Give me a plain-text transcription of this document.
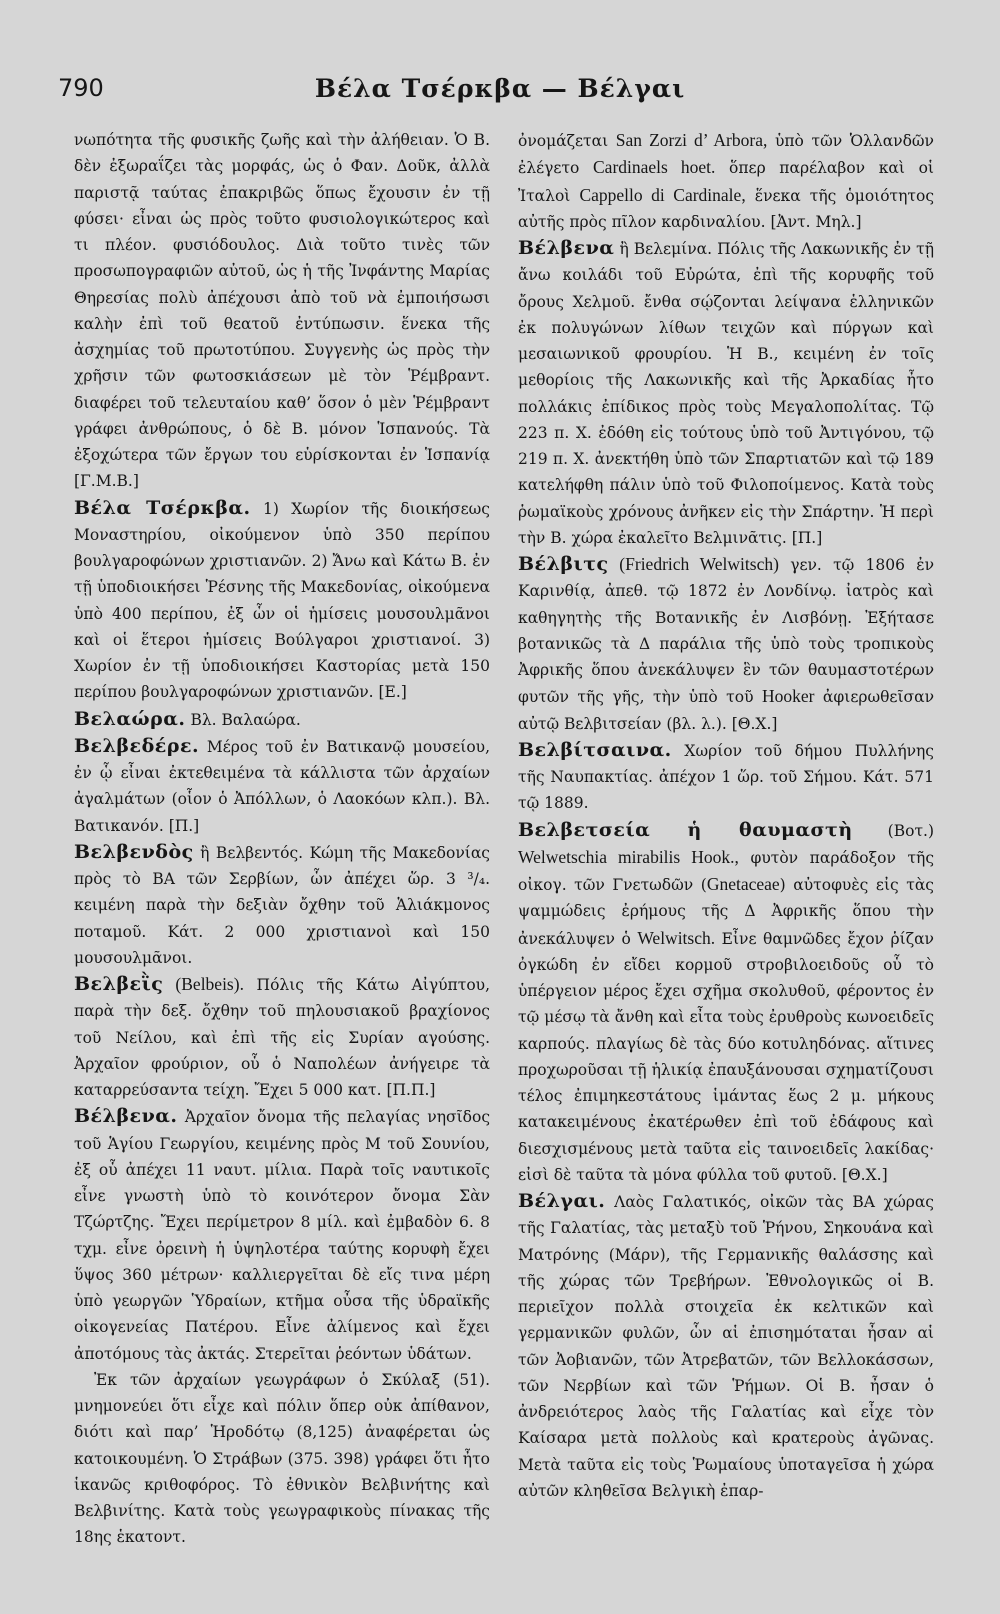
790	Βέλα Τσέρκβα — Βέλγαι

νωπότητα τῆς φυσικῆς ζωῆς καὶ τὴν ἀλήθειαν. Ὁ Β. δὲν ἐξωραΐζει τὰς μορφάς, ὡς ὁ Φαν. Δοῦκ, ἀλλὰ παριστᾷ ταύτας ἐπακριβῶς ὅπως ἔχουσιν ἐν τῇ φύσει· εἶναι ὡς πρὸς τοῦτο φυσιολογικώτερος καὶ τι πλέον. φυσιόδουλος. Διὰ τοῦτο τινὲς τῶν προσωπογραφιῶν αὐτοῦ, ὡς ἡ τῆς Ἰνφάντης Μαρίας Θηρεσίας πολὺ ἀπέχουσι ἀπὸ τοῦ νὰ ἐμποιήσωσι καλὴν ἐπὶ τοῦ θεατοῦ ἐντύπωσιν. ἕνεκα τῆς ἀσχημίας τοῦ πρωτοτύπου. Συγγενὴς ὡς πρὸς τὴν χρῆσιν τῶν φωτοσκιάσεων μὲ τὸν Ῥέμβραντ. διαφέρει τοῦ τελευταίου καθ’ ὅσον ὁ μὲν Ῥέμβραντ γράφει ἀνθρώπους, ὁ δὲ Β. μόνον Ἱσπανούς. Τὰ ἐξοχώτερα τῶν ἔργων του εὑρίσκονται ἐν Ἱσπανίᾳ [Γ.Μ.Β.]

Βέλα Τσέρκβα. 1) Χωρίον τῆς διοικήσεως Μοναστηρίου, οἰκούμενον ὑπὸ 350 περίπου βουλγαροφώνων χριστιανῶν. 2) Ἄνω καὶ Κάτω Β. ἐν τῇ ὑποδιοικήσει Ῥέσνης τῆς Μακεδονίας, οἰκούμενα ὑπὸ 400 περίπου, ἐξ ὧν οἱ ἡμίσεις μουσουλμᾶνοι καὶ οἱ ἕτεροι ἡμίσεις Βούλγαροι χριστιανοί. 3) Χωρίον ἐν τῇ ὑποδιοικήσει Καστορίας μετὰ 150 περίπου βουλγαροφώνων χριστιανῶν. [Ε.]

Βελαώρα. Βλ. Βαλαώρα.

Βελβεδέρε. Μέρος τοῦ ἐν Βατικανῷ μουσείου, ἐν ᾧ εἶναι ἐκτεθειμένα τὰ κάλλιστα τῶν ἀρχαίων ἀγαλμάτων (οἷον ὁ Ἀπόλλων, ὁ Λαοκόων κλπ.). Βλ. Βατικανόν. [Π.]

Βελβενδὸς ἢ Βελβεντός. Κώμη τῆς Μακεδονίας πρὸς τὸ ΒΑ τῶν Σερβίων, ὧν ἀπέχει ὥρ. 3 ³/₄. κειμένη παρὰ τὴν δεξιὰν ὄχθην τοῦ Ἁλιάκμονος ποταμοῦ. Κάτ. 2 000 χριστιανοὶ καὶ 150 μουσουλμᾶνοι.

Βελβεῒς (Belbeis). Πόλις τῆς Κάτω Αἰγύπτου, παρὰ τὴν δεξ. ὄχθην τοῦ πηλουσιακοῦ βραχίονος τοῦ Νείλου, καὶ ἐπὶ τῆς εἰς Συρίαν αγούσης. Ἀρχαῖον φρούριον, οὗ ὁ Ναπολέων ἀνήγειρε τὰ καταρρεύσαντα τείχη. Ἔχει 5 000 κατ. [Π.Π.]

Βέλβενα. Ἀρχαῖον ὄνομα τῆς πελαγίας νησῖδος τοῦ Ἁγίου Γεωργίου, κειμένης πρὸς Μ τοῦ Σουνίου, ἐξ οὗ ἀπέχει 11 ναυτ. μίλια. Παρὰ τοῖς ναυτικοῖς εἶνε γνωστὴ ὑπὸ τὸ κοινότερον ὄνομα Σὰν Τζώρτζης. Ἔχει περίμετρον 8 μίλ. καὶ ἐμβαδὸν 6. 8 τχμ. εἶνε ὀρεινὴ ἡ ὑψηλοτέρα ταύτης κορυφὴ ἔχει ὕψος 360 μέτρων· καλλιεργεῖται δὲ εἴς τινα μέρη ὑπὸ γεωργῶν Ὑδραίων, κτῆμα οὖσα τῆς ὑδραϊκῆς οἰκογενείας Πατέρου. Εἶνε ἀλίμενος καὶ ἔχει ἀποτόμους τὰς ἀκτάς. Στερεῖται ῥεόντων ὑδάτων.

Ἐκ τῶν ἀρχαίων γεωγράφων ὁ Σκύλαξ (51). μνημονεύει ὅτι εἶχε καὶ πόλιν ὅπερ οὐκ ἀπίθανον, διότι καὶ παρ’ Ἡροδότῳ (8,125) ἀναφέρεται ὡς κατοικουμένη. Ὁ Στράβων (375. 398) γράφει ὅτι ἦτο ἱκανῶς κριθοφόρος. Τὸ ἐθνικὸν Βελβινήτης καὶ Βελβινίτης. Κατὰ τοὺς γεωγραφικοὺς πίνακας τῆς 18ης ἑκατοντ.

ὀνομάζεται San Zorzi d’ Arbora, ὑπὸ τῶν Ὁλλανδῶν ἐλέγετο Cardinaels hoet. ὅπερ παρέλαβον καὶ οἱ Ἰταλοὶ Cappello di Cardinale, ἕνεκα τῆς ὁμοιότητος αὐτῆς πρὸς πῖλον καρδιναλίου. [Ἀντ. Μηλ.]

Βέλβενα ἢ Βελεμίνα. Πόλις τῆς Λακωνικῆς ἐν τῇ ἄνω κοιλάδι τοῦ Εὐρώτα, ἐπὶ τῆς κορυφῆς τοῦ ὄρους Χελμοῦ. ἔνθα σῴζονται λείψανα ἑλληνικῶν ἐκ πολυγώνων λίθων τειχῶν καὶ πύργων καὶ μεσαιωνικοῦ φρουρίου. Ἡ Β., κειμένη ἐν τοῖς μεθορίοις τῆς Λακωνικῆς καὶ τῆς Ἀρκαδίας ἦτο πολλάκις ἐπίδικος πρὸς τοὺς Μεγαλοπολίτας. Τῷ 223 π. Χ. ἐδόθη εἰς τούτους ὑπὸ τοῦ Ἀντιγόνου, τῷ 219 π. Χ. ἀνεκτήθη ὑπὸ τῶν Σπαρτιατῶν καὶ τῷ 189 κατελήφθη πάλιν ὑπὸ τοῦ Φιλοποίμενος. Κατὰ τοὺς ῥωμαϊκοὺς χρόνους ἀνῆκεν εἰς τὴν Σπάρτην. Ἡ περὶ τὴν Β. χώρα ἐκαλεῖτο Βελμινᾶτις. [Π.]

Βέλβιτς (Friedrich Welwitsch) γεν. τῷ 1806 ἐν Καρινθίᾳ, ἀπεθ. τῷ 1872 ἐν Λονδίνῳ. ἰατρὸς καὶ καθηγητὴς τῆς Βοτανικῆς ἐν Λισβόνῃ. Ἐξήτασε βοτανικῶς τὰ Δ παράλια τῆς ὑπὸ τοὺς τροπικοὺς Ἀφρικῆς ὅπου ἀνεκάλυψεν ἓν τῶν θαυμαστοτέρων φυτῶν τῆς γῆς, τὴν ὑπὸ τοῦ Hooker ἀφιερωθεῖσαν αὐτῷ Βελβιτσείαν (βλ. λ.). [Θ.Χ.]

Βελβίτσαινα. Χωρίον τοῦ δήμου Πυλλήνης τῆς Ναυπακτίας. ἀπέχον 1 ὥρ. τοῦ Σήμου. Κάτ. 571 τῷ 1889.

Βελβετσεία ἡ θαυμαστὴ (Βοτ.) Welwetschia mirabilis Hook., φυτὸν παράδοξον τῆς οἰκογ. τῶν Γνετωδῶν (Gnetaceae) αὐτοφυὲς εἰς τὰς ψαμμώδεις ἐρήμους τῆς Δ Ἀφρικῆς ὅπου τὴν ἀνεκάλυψεν ὁ Welwitsch. Εἶνε θαμνῶδες ἔχον ῥίζαν ὀγκώδη ἐν εἴδει κορμοῦ στροβιλοειδοῦς οὗ τὸ ὑπέργειον μέρος ἔχει σχῆμα σκολυθοῦ, φέροντος ἐν τῷ μέσῳ τὰ ἄνθη καὶ εἶτα τοὺς ἐρυθροὺς κωνοειδεῖς καρπούς. πλαγίως δὲ τὰς δύο κοτυληδόνας. αἵτινες προχωροῦσαι τῇ ἡλικίᾳ ἐπαυξάνουσαι σχηματίζουσι τέλος ἐπιμηκεστάτους ἱμάντας ἕως 2 μ. μήκους κατακειμένους ἐκατέρωθεν ἐπὶ τοῦ ἐδάφους καὶ διεσχισμένους μετὰ ταῦτα εἰς ταινοειδεῖς λακίδας· εἰσὶ δὲ ταῦτα τὰ μόνα φύλλα τοῦ φυτοῦ. [Θ.Χ.]

Βέλγαι. Λαὸς Γαλατικός, οἰκῶν τὰς ΒΑ χώρας τῆς Γαλατίας, τὰς μεταξὺ τοῦ Ῥήνου, Σηκουάνα καὶ Ματρόνης (Μάρν), τῆς Γερμανικῆς θαλάσσης καὶ τῆς χώρας τῶν Τρεβήρων. Ἐθνολογικῶς οἱ Β. περιεῖχον πολλὰ στοιχεῖα ἐκ κελτικῶν καὶ γερμανικῶν φυλῶν, ὧν αἱ ἐπισημόταται ἦσαν αἱ τῶν Ἀοβιανῶν, τῶν Ἀτρεβατῶν, τῶν Βελλοκάσσων, τῶν Νερβίων καὶ τῶν Ῥήμων. Οἱ Β. ἦσαν ὁ ἀνδρειότερος λαὸς τῆς Γαλατίας καὶ εἶχε τὸν Καίσαρα μετὰ πολλοὺς καὶ κρατεροὺς ἀγῶνας. Μετὰ ταῦτα εἰς τοὺς Ῥωμαίους ὑποταγεῖσα ἡ χώρα αὐτῶν κληθεῖσα Βελγικὴ ἐπαρ-
